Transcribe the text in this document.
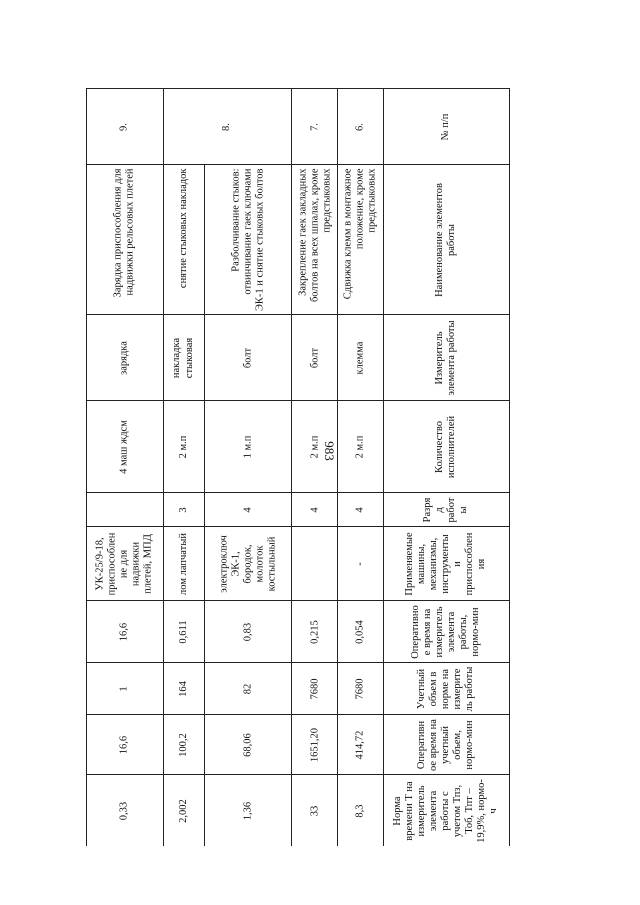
983
№ п/п	Наименование элементов работы	Измеритель элемента работы	Количество исполнителей	Разряд работы	Применяемые машины, механизмы, инструменты и приспособления	Оперативное время на измеритель элемента работы, нормо-мин	Учетный объем в норме на измеритель работы	Оперативное время на учетный объем, нормо-мин	Норма времени Т на измеритель элемента работы с учетом Тпз, Тоб, Тпт – 19,9%, нормо-ч
6.	Сдвижка клемм в монтажное положение, кроме предстыковых	клемма	2 м.п	4	-	0,054	7680	414,72	8,3
7.	Закрепление гаек закладных болтов на всех шпалах, кроме предстыковых	болт	2 м.п	4		0,215	7680	1651,20	33
8.	Разболчивание стыков: отвинчивание гаек ключами ЭК-1 и снятие стыковых болтов	болт	1 м.п	4	электроключ ЭК-1, бородок, молоток костыльный	0,83	82	68,06	1,36
	снятие стыковых накладок	накладка стыковая	2 м.п	3	лом лапчатый	0,611	164	100,2	2,002
9.	Зарядка приспособления для надвижки рельсовых плетей	зарядка	4 маш ждсм		УК-25/9-18, приспособление для надвижки плетей, МПД	16,6	1	16,6	0,33
